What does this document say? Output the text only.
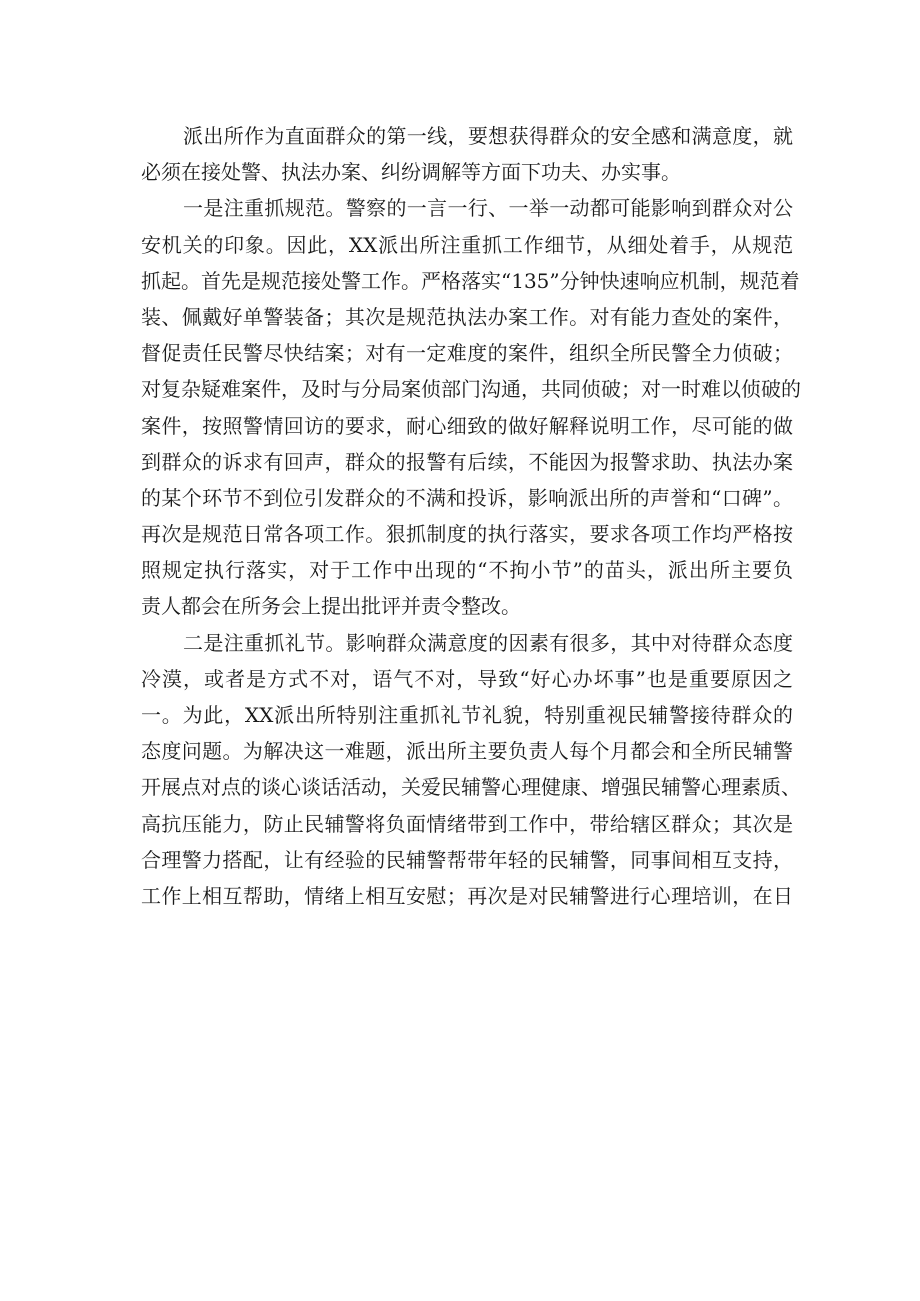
派出所作为直面群众的第一线，要想获得群众的安全感和满意度，就
必须在接处警、执法办案、纠纷调解等方面下功夫、办实事。
一是注重抓规范。警察的一言一行、一举一动都可能影响到群众对公
安机关的印象。因此，XX派出所注重抓工作细节，从细处着手，从规范
抓起。首先是规范接处警工作。严格落实“135”分钟快速响应机制，规范着
装、佩戴好单警装备；其次是规范执法办案工作。对有能力查处的案件，
督促责任民警尽快结案；对有一定难度的案件，组织全所民警全力侦破；
对复杂疑难案件，及时与分局案侦部门沟通，共同侦破；对一时难以侦破的
案件，按照警情回访的要求，耐心细致的做好解释说明工作，尽可能的做
到群众的诉求有回声，群众的报警有后续，不能因为报警求助、执法办案
的某个环节不到位引发群众的不满和投诉，影响派出所的声誉和“口碑”。
再次是规范日常各项工作。狠抓制度的执行落实，要求各项工作均严格按
照规定执行落实，对于工作中出现的“不拘小节”的苗头，派出所主要负
责人都会在所务会上提出批评并责令整改。
二是注重抓礼节。影响群众满意度的因素有很多，其中对待群众态度
冷漠，或者是方式不对，语气不对，导致“好心办坏事”也是重要原因之
一。为此，XX派出所特别注重抓礼节礼貌，特别重视民辅警接待群众的
态度问题。为解决这一难题，派出所主要负责人每个月都会和全所民辅警
开展点对点的谈心谈话活动，关爱民辅警心理健康、增强民辅警心理素质、
高抗压能力，防止民辅警将负面情绪带到工作中，带给辖区群众；其次是
合理警力搭配，让有经验的民辅警帮带年轻的民辅警，同事间相互支持，
工作上相互帮助，情绪上相互安慰；再次是对民辅警进行心理培训，在日
